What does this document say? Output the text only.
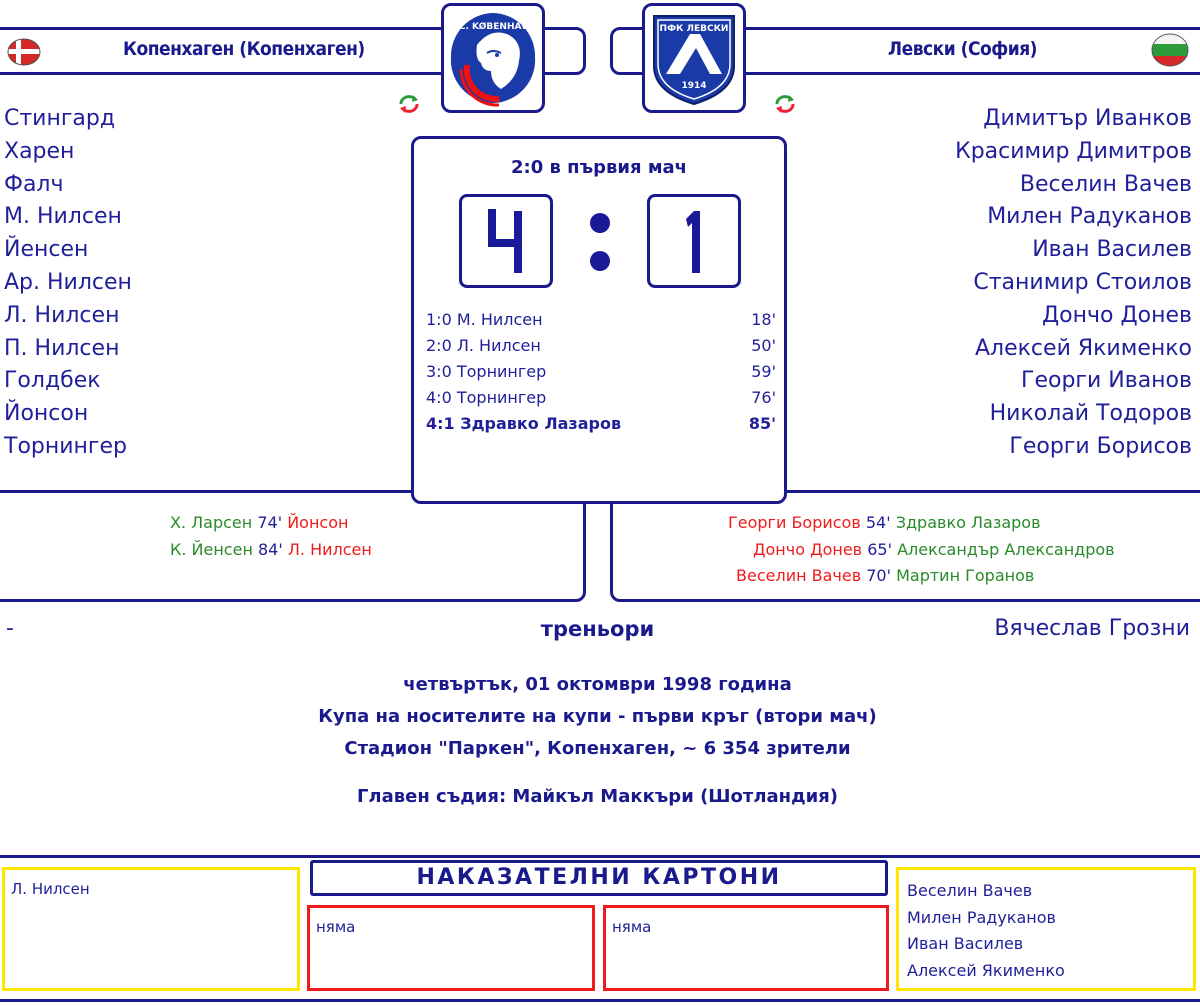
Копенхаген (Копенхаген)	Левски (София)
F.C. KØBENHAVN	ПФК ЛЕВСКИ
1914
Стингард
Харен
Фалч
М. Нилсен
Йенсен
Ар. Нилсен
Л. Нилсен
П. Нилсен
Голдбек
Йонсон
Торнингер
Димитър Иванков
Красимир Димитров
Веселин Вачев
Милен Радуканов
Иван Василев
Станимир Стоилов
Дончо Донев
Алексей Якименко
Георги Иванов
Николай Тодоров
Георги Борисов
2:0 в първия мач
1:0 М. Нилсен	18'
2:0 Л. Нилсен	50'
3:0 Торнингер	59'
4:0 Торнингер	76'
4:1 Здравко Лазаров	85'
Х. Ларсен 74' Йонсон
К. Йенсен 84' Л. Нилсен
Георги Борисов 54' Здравко Лазаров
Дончо Донев 65' Александър Александров
Веселин Вачев 70' Мартин Горанов
-	треньори	Вячеслав Грозни
четвъртък, 01 октомври 1998 година
Купа на носителите на купи - първи кръг (втори мач)
Стадион "Паркен", Копенхаген, ~ 6 354 зрители
Главен съдия: Майкъл Маккъри (Шотландия)
НАКАЗАТЕЛНИ КАРТОНИ
Л. Нилсен
няма	няма
Веселин Вачев
Милен Радуканов
Иван Василев
Алексей Якименко
